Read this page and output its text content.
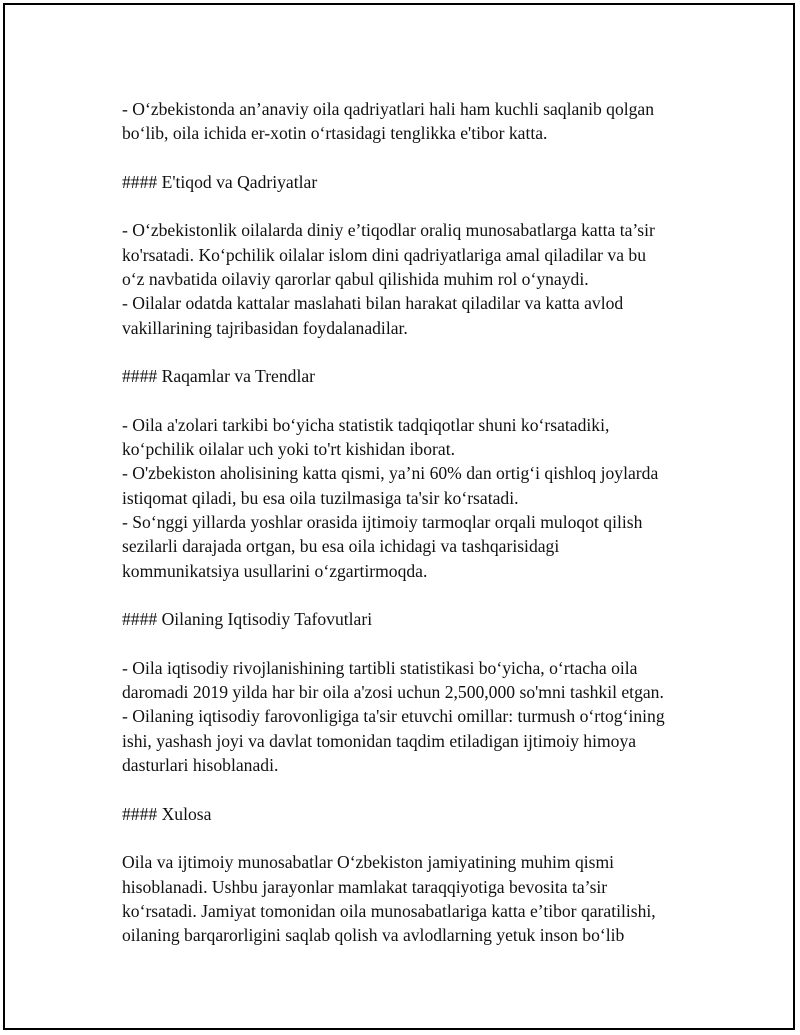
- O‘zbekistonda an’anaviy oila qadriyatlari hali ham kuchli saqlanib qolgan

bo‘lib, oila ichida er-xotin o‘rtasidagi tenglikka e'tibor katta.

#### E'tiqod va Qadriyatlar

- O‘zbekistonlik oilalarda diniy e’tiqodlar oraliq munosabatlarga katta ta’sir

ko'rsatadi. Ko‘pchilik oilalar islom dini qadriyatlariga amal qiladilar va bu

o‘z navbatida oilaviy qarorlar qabul qilishida muhim rol o‘ynaydi.

- Oilalar odatda kattalar maslahati bilan harakat qiladilar va katta avlod

vakillarining tajribasidan foydalanadilar.

#### Raqamlar va Trendlar

- Oila a'zolari tarkibi bo‘yicha statistik tadqiqotlar shuni ko‘rsatadiki,

ko‘pchilik oilalar uch yoki to'rt kishidan iborat.

- O'zbekiston aholisining katta qismi, ya’ni 60% dan ortig‘i qishloq joylarda

istiqomat qiladi, bu esa oila tuzilmasiga ta'sir ko‘rsatadi.

- So‘nggi yillarda yoshlar orasida ijtimoiy tarmoqlar orqali muloqot qilish

sezilarli darajada ortgan, bu esa oila ichidagi va tashqarisidagi

kommunikatsiya usullarini o‘zgartirmoqda.

#### Oilaning Iqtisodiy Tafovutlari

- Oila iqtisodiy rivojlanishining tartibli statistikasi bo‘yicha, o‘rtacha oila

daromadi 2019 yilda har bir oila a'zosi uchun 2,500,000 so'mni tashkil etgan.

- Oilaning iqtisodiy farovonligiga ta'sir etuvchi omillar: turmush o‘rtog‘ining

ishi, yashash joyi va davlat tomonidan taqdim etiladigan ijtimoiy himoya

dasturlari hisoblanadi.

#### Xulosa

Oila va ijtimoiy munosabatlar O‘zbekiston jamiyatining muhim qismi

hisoblanadi. Ushbu jarayonlar mamlakat taraqqiyotiga bevosita ta’sir

ko‘rsatadi. Jamiyat tomonidan oila munosabatlariga katta e’tibor qaratilishi,

oilaning barqarorligini saqlab qolish va avlodlarning yetuk inson bo‘lib
